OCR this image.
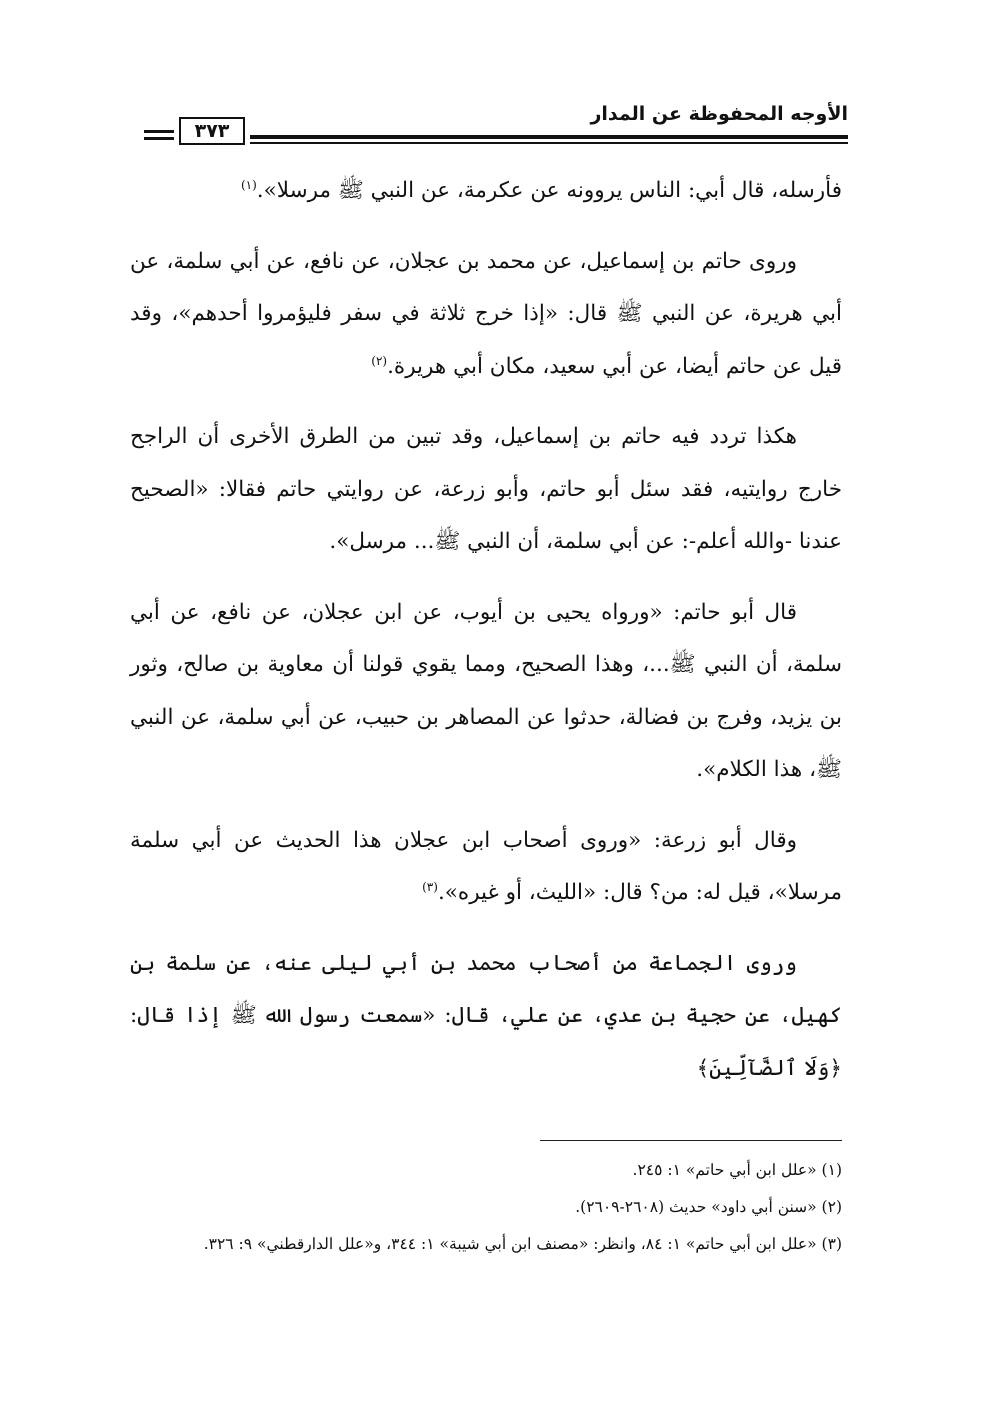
الأوجه المحفوظة عن المدار
٣٧٣

فأرسله، قال أبي: الناس يروونه عن عكرمة، عن النبي ﷺ مرسلا».$^{(١)}$

وروى حاتم بن إسماعيل، عن محمد بن عجلان، عن نافع، عن أبي سلمة، عن أبي هريرة، عن النبي ﷺ قال: «إذا خرج ثلاثة في سفر فليؤمروا أحدهم»، وقد قيل عن حاتم أيضا، عن أبي سعيد، مكان أبي هريرة.$^{(٢)}$

هكذا تردد فيه حاتم بن إسماعيل، وقد تبين من الطرق الأخرى أن الراجح خارج روايتيه، فقد سئل أبو حاتم، وأبو زرعة، عن روايتي حاتم فقالا: «الصحيح عندنا -والله أعلم-: عن أبي سلمة، أن النبي ﷺ... مرسل».

قال أبو حاتم: «ورواه يحيى بن أيوب، عن ابن عجلان، عن نافع، عن أبي سلمة، أن النبي ﷺ...، وهذا الصحيح، ومما يقوي قولنا أن معاوية بن صالح، وثور بن يزيد، وفرج بن فضالة، حدثوا عن المصاهر بن حبيب، عن أبي سلمة، عن النبي ﷺ، هذا الكلام».

وقال أبو زرعة: «وروى أصحاب ابن عجلان هذا الحديث عن أبي سلمة مرسلا»، قيل له: من؟ قال: «الليث، أو غيره».$^{(٣)}$

وروى الجماعة من أصحاب محمد بن أبي ليلى عنه، عن سلمة بن كهيل، عن حجية بن عدي، عن علي، قال: «سمعت رسول الله ﷺ إذا قال: ﴿وَلَا ٱلضَّآلِّينَ﴾

(١) «علل ابن أبي حاتم» ١: ٢٤٥.

(٢) «سنن أبي داود» حديث (٢٦٠٨-٢٦٠٩).

(٣) «علل ابن أبي حاتم» ١: ٨٤، وانظر: «مصنف ابن أبي شيبة» ١: ٣٤٤، و«علل الدارقطني» ٩: ٣٢٦.
